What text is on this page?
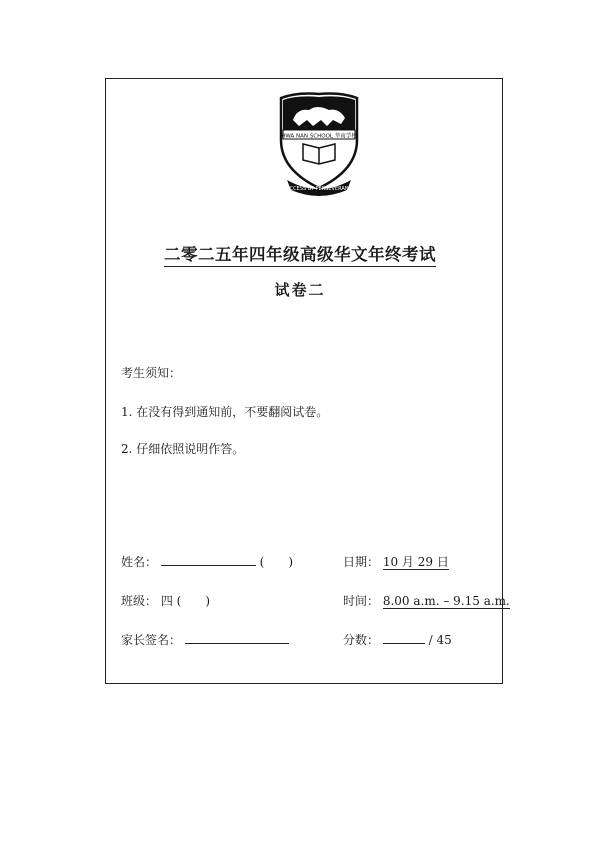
HWA NAN SCHOOL 华南学校
SUCCESS BY PERSEVERANCE
二零二五年四年级高级华文年终考试
试卷二
考生须知：
1. 在没有得到通知前，不要翻阅试卷。
2. 仔细依照说明作答。
姓名：	(　　)	日期： 10 月 29 日
班级： 四 (　　)	时间： 8.00 a.m. – 9.15 a.m.
家长签名：	分数：	/ 45
